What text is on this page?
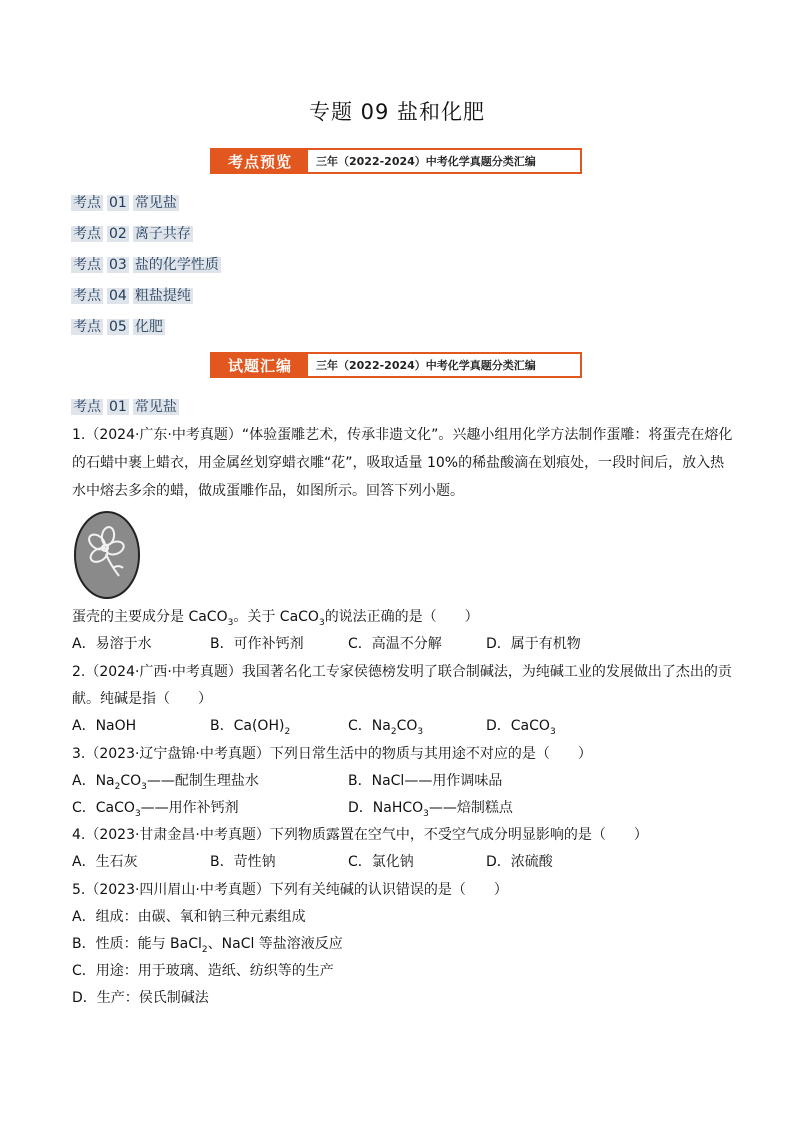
专题 09 盐和化肥
考点预览	三年（2022-2024）中考化学真题分类汇编
考点 01 常见盐
考点 02 离子共存
考点 03 盐的化学性质
考点 04 粗盐提纯
考点 05 化肥
试题汇编	三年（2022-2024）中考化学真题分类汇编
考点 01 常见盐
1.（2024·广东·中考真题）“体验蛋雕艺术，传承非遗文化”。兴趣小组用化学方法制作蛋雕：将蛋壳在熔化
的石蜡中裹上蜡衣，用金属丝划穿蜡衣雕“花”，吸取适量 10%的稀盐酸滴在划痕处，一段时间后，放入热
水中熔去多余的蜡，做成蛋雕作品，如图所示。回答下列小题。
蛋壳的主要成分是 CaCO$_3$。关于 CaCO$_3$的说法正确的是（　　）
A．易溶于水	B．可作补钙剂	C．高温不分解	D．属于有机物
2.（2024·广西·中考真题）我国著名化工专家侯德榜发明了联合制碱法，为纯碱工业的发展做出了杰出的贡
献。纯碱是指（　　）
A．NaOH	B．$Ca(OH)_2$	C．$Na_2CO_3$	D．CaCO$_3$
3.（2023·辽宁盘锦·中考真题）下列日常生活中的物质与其用途不对应的是（　　）
A．$Na_2CO_3——$配制生理盐水	B．NaCl——用作调味品
C．CaCO$_3$——用作补钙剂	D．NaHCO$_3$——焙制糕点
4.（2023·甘肃金昌·中考真题）下列物质露置在空气中，不受空气成分明显影响的是（　　）
A．生石灰	B．苛性钠	C．氯化钠	D．浓硫酸
5.（2023·四川眉山·中考真题）下列有关纯碱的认识错误的是（　　）
A．组成：由碳、氧和钠三种元素组成
B．性质：能与 BaCl$_2$、NaCl 等盐溶液反应
C．用途：用于玻璃、造纸、纺织等的生产
D．生产：侯氏制碱法
